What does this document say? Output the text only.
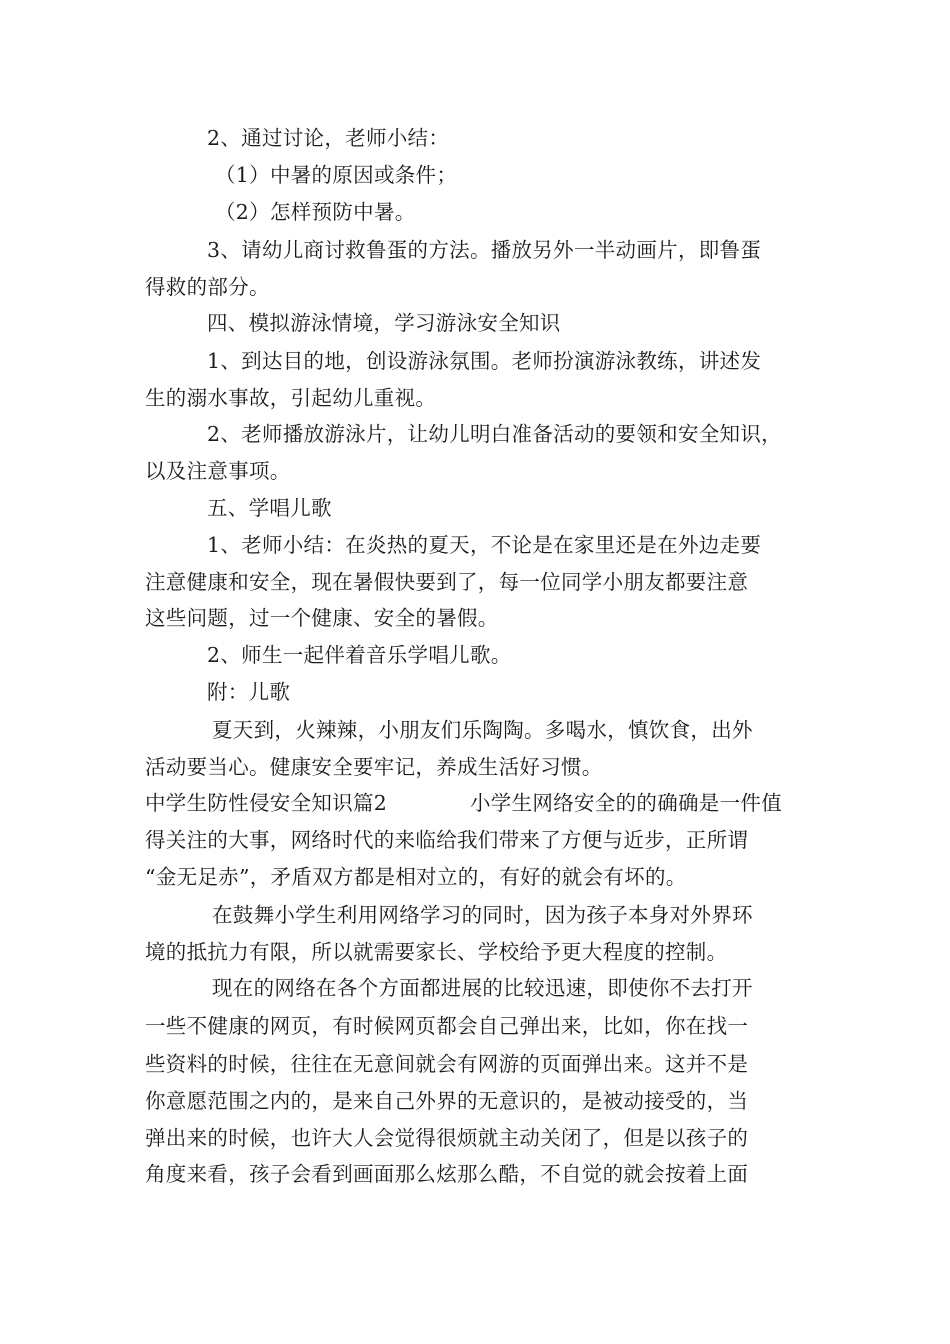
2、通过讨论，老师小结：
（1）中暑的原因或条件；
（2）怎样预防中暑。
3、请幼儿商讨救鲁蛋的方法。播放另外一半动画片，即鲁蛋
得救的部分。
四、模拟游泳情境，学习游泳安全知识
1、到达目的地，创设游泳氛围。老师扮演游泳教练，讲述发
生的溺水事故，引起幼儿重视。
2、老师播放游泳片，让幼儿明白准备活动的要领和安全知识，
以及注意事项。
五、学唱儿歌
1、老师小结：在炎热的夏天，不论是在家里还是在外边走要
注意健康和安全，现在暑假快要到了，每一位同学小朋友都要注意
这些问题，过一个健康、安全的暑假。
2、师生一起伴着音乐学唱儿歌。
附：儿歌
夏天到，火辣辣，小朋友们乐陶陶。多喝水，慎饮食，出外
活动要当心。健康安全要牢记，养成生活好习惯。
中学生防性侵安全知识篇2	小学生网络安全的的确确是一件值
得关注的大事，网络时代的来临给我们带来了方便与近步，正所谓
“金无足赤”，矛盾双方都是相对立的，有好的就会有坏的。
在鼓舞小学生利用网络学习的同时，因为孩子本身对外界环
境的抵抗力有限，所以就需要家长、学校给予更大程度的控制。
现在的网络在各个方面都进展的比较迅速，即使你不去打开
一些不健康的网页，有时候网页都会自己弹出来，比如，你在找一
些资料的时候，往往在无意间就会有网游的页面弹出来。这并不是
你意愿范围之内的，是来自己外界的无意识的，是被动接受的，当
弹出来的时候，也许大人会觉得很烦就主动关闭了，但是以孩子的
角度来看，孩子会看到画面那么炫那么酷，不自觉的就会按着上面
